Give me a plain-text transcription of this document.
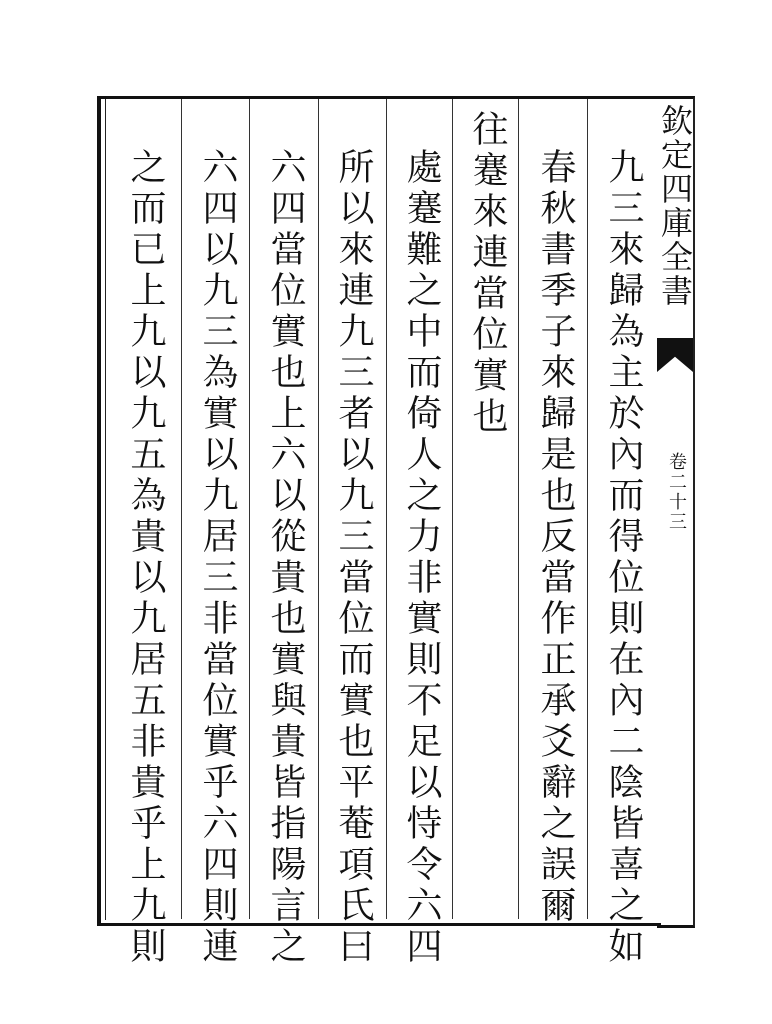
欽定四庫全書
卷二十三
九三來歸為主於內而得位則在內二陰皆喜之如
春秋書季子來歸是也反當作正承爻辭之誤爾
往蹇來連當位實也
處蹇難之中而倚人之力非實則不足以恃令六四
所以來連九三者以九三當位而實也平菴項氏曰
六四當位實也上六以從貴也實與貴皆指陽言之
六四以九三為實以九居三非當位實乎六四則連
之而已上九以九五為貴以九居五非貴乎上九則
